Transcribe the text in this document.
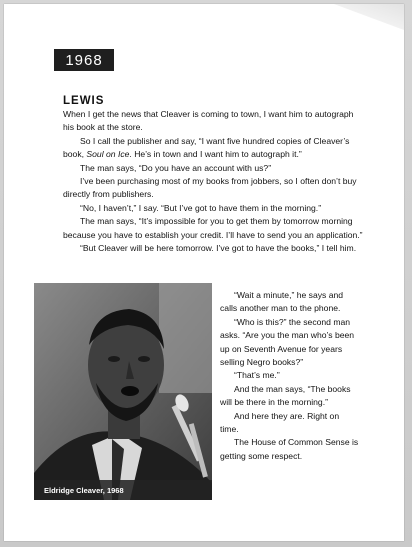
1968
LEWIS

When I get the news that Cleaver is coming to town, I want him to autograph his book at the store.

So I call the publisher and say, “I want five hundred copies of Cleaver’s book, Soul on Ice. He’s in town and I want him to autograph it.”

The man says, “Do you have an account with us?”

I’ve been purchasing most of my books from jobbers, so I often don’t buy directly from publishers.

“No, I haven’t,” I say. “But I’ve got to have them in the morning.”

The man says, “It’s impossible for you to get them by tomorrow morning because you have to establish your credit. I’ll have to send you an application.”

“But Cleaver will be here tomorrow. I’ve got to have the books,” I tell him.

Eldridge Cleaver, 1968

“Wait a minute,” he says and calls another man to the phone.

“Who is this?” the second man asks. “Are you the man who’s been up on Seventh Avenue for years selling Negro books?”

“That’s me.”

And the man says, “The books will be there in the morning.”

And here they are. Right on time.

The House of Common Sense is getting some respect.
